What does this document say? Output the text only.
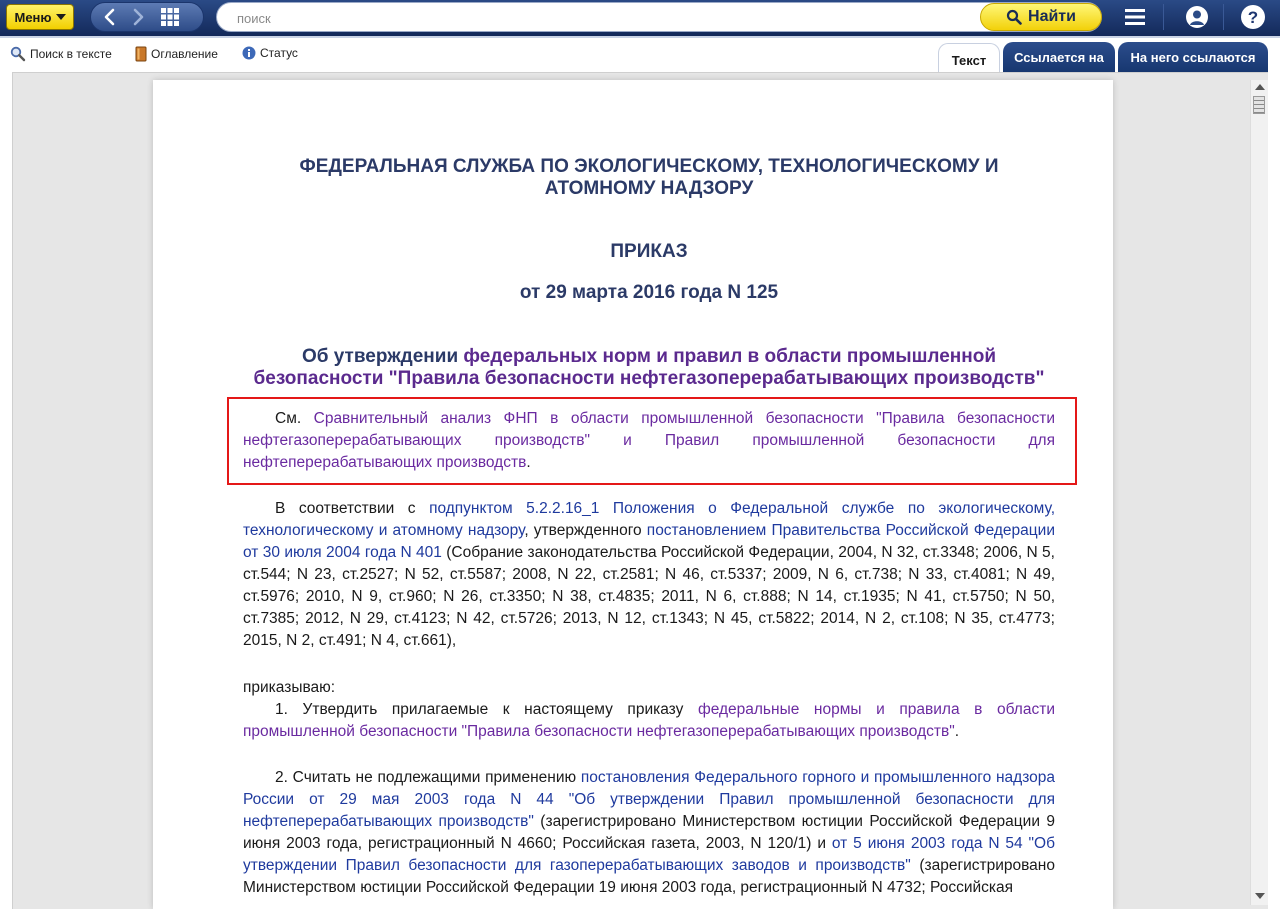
Меню
поиск	Найти	?
Поиск в тексте	Оглавление	Статус	Текст	Ссылается на	На него ссылаются
ФЕДЕРАЛЬНАЯ СЛУЖБА ПО ЭКОЛОГИЧЕСКОМУ, ТЕХНОЛОГИЧЕСКОМУ И АТОМНОМУ НАДЗОРУ
ПРИКАЗ
от 29 марта 2016 года N 125
Об утверждении федеральных норм и правил в области промышленной безопасности "Правила безопасности нефтегазоперерабатывающих производств"
См. Сравнительный анализ ФНП в области промышленной безопасности "Правила безопасности нефтегазоперерабатывающих производств" и Правил промышленной безопасности для нефтеперерабатывающих производств.
В соответствии с подпунктом 5.2.2.16_1 Положения о Федеральной службе по экологическому, технологическому и атомному надзору, утвержденного постановлением Правительства Российской Федерации от 30 июля 2004 года N 401 (Собрание законодательства Российской Федерации, 2004, N 32, ст.3348; 2006, N 5, ст.544; N 23, ст.2527; N 52, ст.5587; 2008, N 22, ст.2581; N 46, ст.5337; 2009, N 6, ст.738; N 33, ст.4081; N 49, ст.5976; 2010, N 9, ст.960; N 26, ст.3350; N 38, ст.4835; 2011, N 6, ст.888; N 14, ст.1935; N 41, ст.5750; N 50, ст.7385; 2012, N 29, ст.4123; N 42, ст.5726; 2013, N 12, ст.1343; N 45, ст.5822; 2014, N 2, ст.108; N 35, ст.4773; 2015, N 2, ст.491; N 4, ст.661),
приказываю:
1. Утвердить прилагаемые к настоящему приказу федеральные нормы и правила в области промышленной безопасности "Правила безопасности нефтегазоперерабатывающих производств".
2. Считать не подлежащими применению постановления Федерального горного и промышленного надзора России от 29 мая 2003 года N 44 "Об утверждении Правил промышленной безопасности для нефтеперерабатывающих производств" (зарегистрировано Министерством юстиции Российской Федерации 9 июня 2003 года, регистрационный N 4660; Российская газета, 2003, N 120/1) и от 5 июня 2003 года N 54 "Об утверждении Правил безопасности для газоперерабатывающих заводов и производств" (зарегистрировано Министерством юстиции Российской Федерации 19 июня 2003 года, регистрационный N 4732; Российская
